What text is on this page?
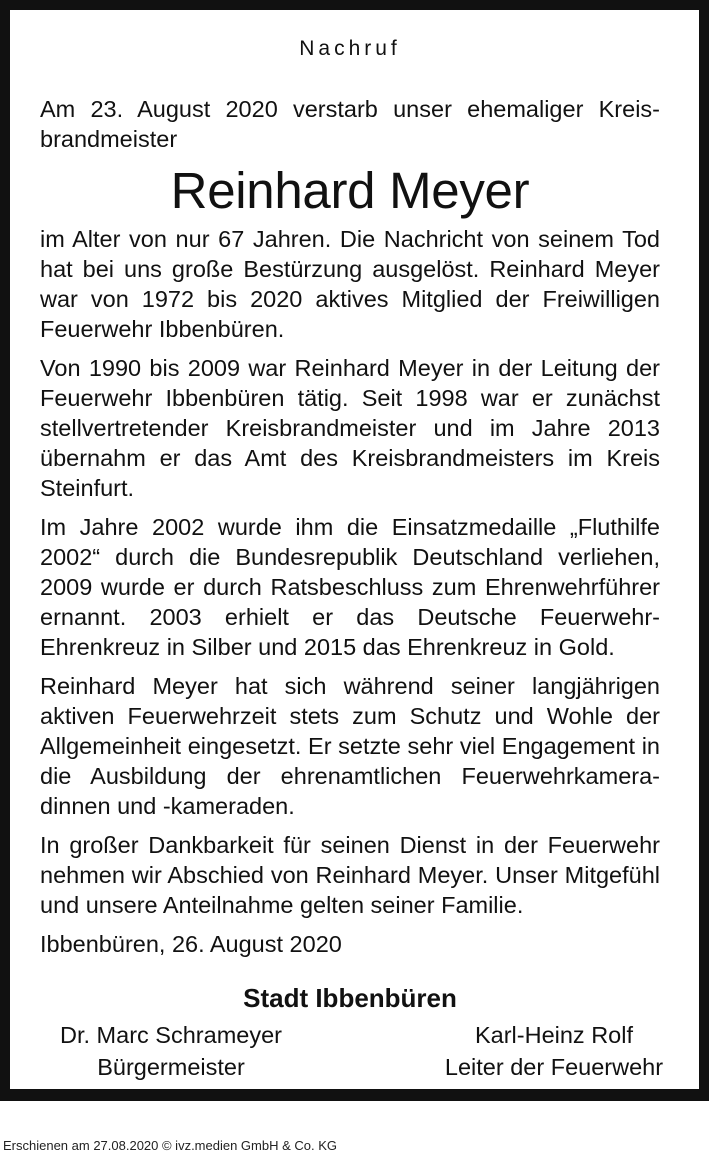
Nachruf

Am 23. August 2020 verstarb unser ehemaliger Kreisbrandmeister

Reinhard Meyer

im Alter von nur 67 Jahren. Die Nachricht von seinem Tod hat bei uns große Bestürzung ausgelöst. Reinhard Meyer war von 1972 bis 2020 aktives Mitglied der Freiwilligen Feuerwehr Ibbenbüren.

Von 1990 bis 2009 war Reinhard Meyer in der Leitung der Feuerwehr Ibbenbüren tätig. Seit 1998 war er zunächst stellvertretender Kreisbrandmeister und im Jahre 2013 übernahm er das Amt des Kreisbrandmeisters im Kreis Steinfurt.

Im Jahre 2002 wurde ihm die Einsatzmedaille „Fluthilfe 2002“ durch die Bundesrepublik Deutschland verliehen, 2009 wurde er durch Ratsbeschluss zum Ehrenwehrführer ernannt. 2003 erhielt er das Deutsche Feuerwehr-Ehrenkreuz in Silber und 2015 das Ehrenkreuz in Gold.

Reinhard Meyer hat sich während seiner langjährigen aktiven Feuerwehrzeit stets zum Schutz und Wohle der Allgemeinheit eingesetzt. Er setzte sehr viel Engagement in die Ausbildung der ehrenamtlichen Feuerwehrkameradinnen und -kameraden.

In großer Dankbarkeit für seinen Dienst in der Feuerwehr nehmen wir Abschied von Reinhard Meyer. Unser Mitgefühl und unsere Anteilnahme gelten seiner Familie.

Ibbenbüren, 26. August 2020

Stadt Ibbenbüren

Dr. Marc Schrameyer
Bürgermeister
Karl-Heinz Rolf
Leiter der Feuerwehr
Erschienen am 27.08.2020 © ivz.medien GmbH & Co. KG
